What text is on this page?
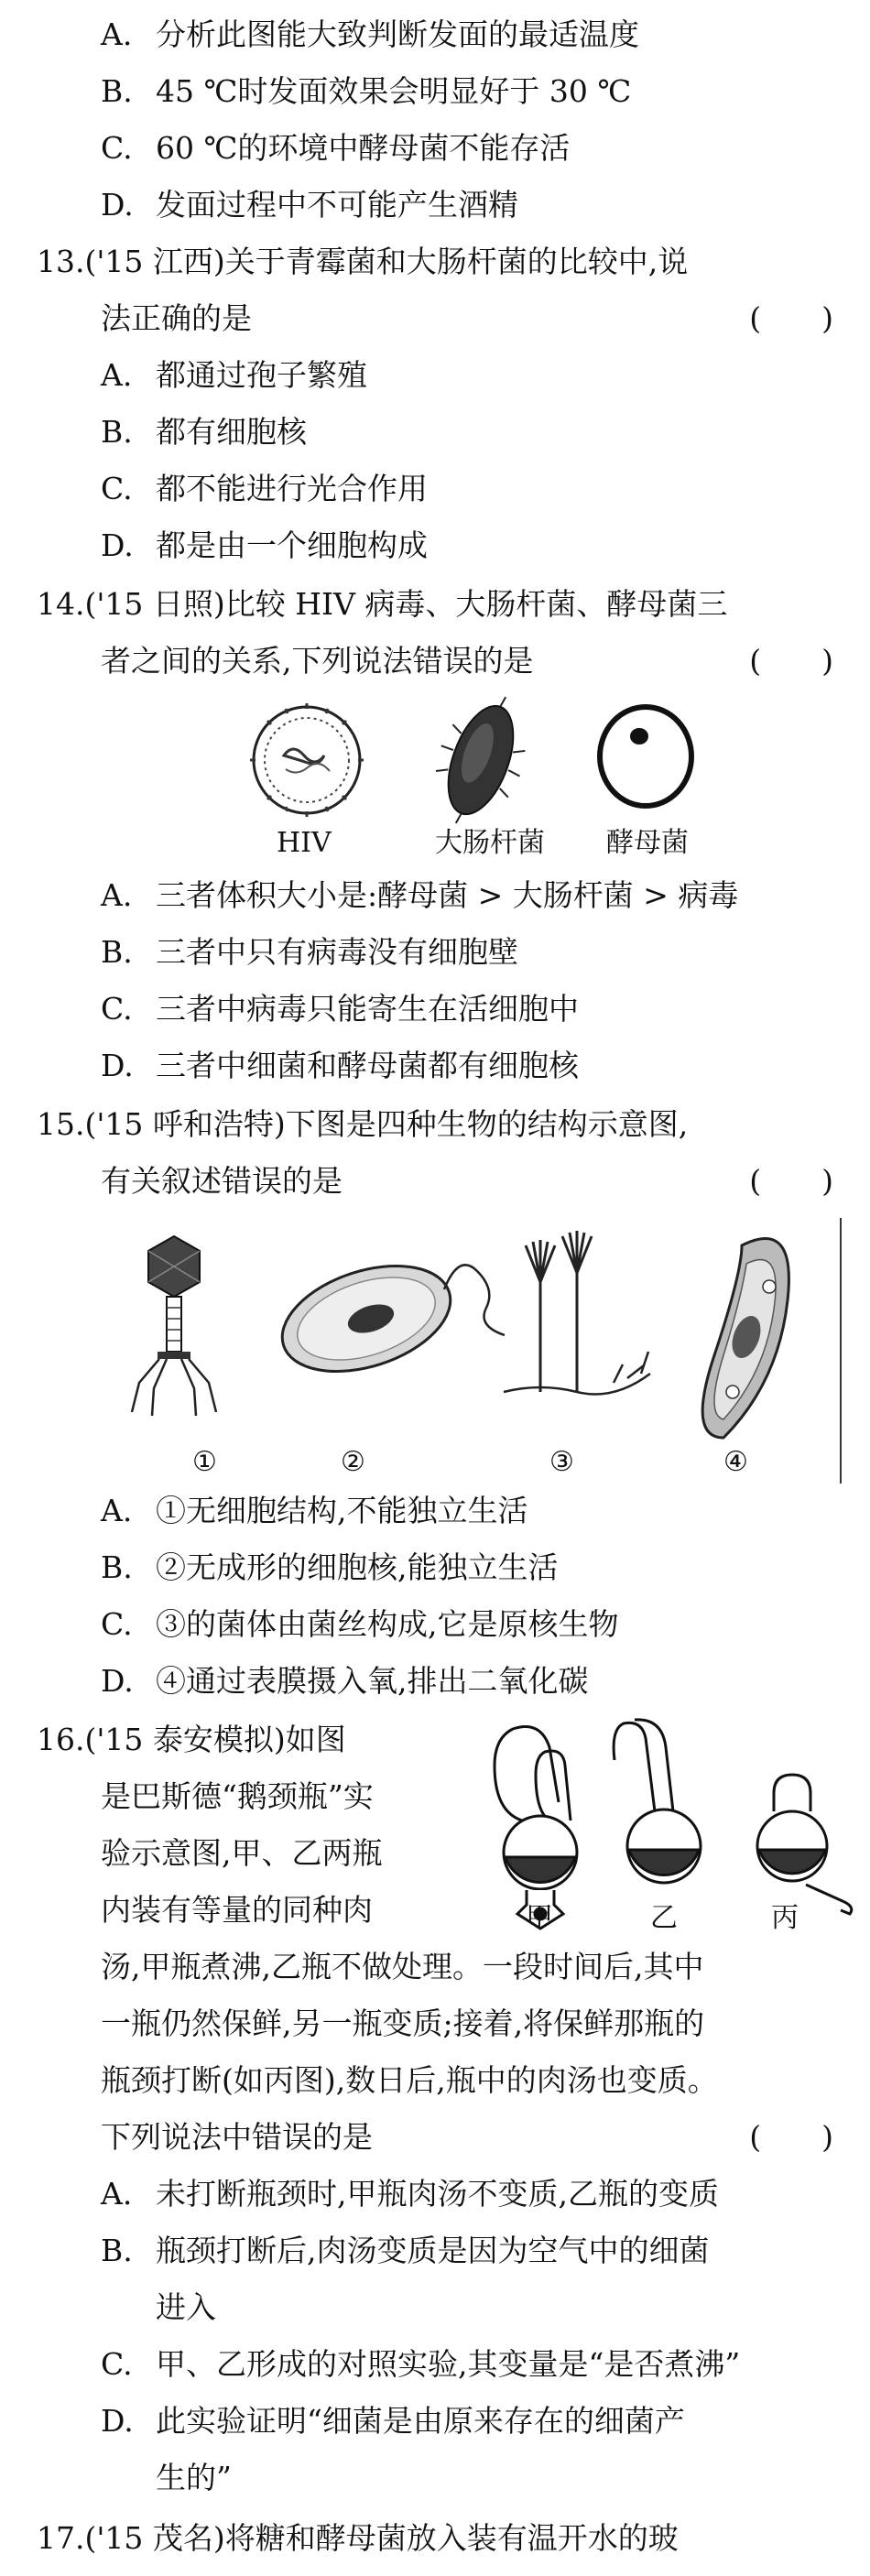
A. 分析此图能大致判断发面的最适温度
B. 45 ℃时发面效果会明显好于 30 ℃
C. 60 ℃的环境中酵母菌不能存活
D. 发面过程中不可能产生酒精
13.('15 江西)关于青霉菌和大肠杆菌的比较中,说
法正确的是	(　　)
A. 都通过孢子繁殖
B. 都有细胞核
C. 都不能进行光合作用
D. 都是由一个细胞构成
14.('15 日照)比较 HIV 病毒、大肠杆菌、酵母菌三
者之间的关系,下列说法错误的是	(　　)
HIV	大肠杆菌 酵母菌
A. 三者体积大小是:酵母菌 > 大肠杆菌 > 病毒
B. 三者中只有病毒没有细胞壁
C. 三者中病毒只能寄生在活细胞中
D. 三者中细菌和酵母菌都有细胞核
15.('15 呼和浩特)下图是四种生物的结构示意图,
有关叙述错误的是	(　　)
①	②	③	④
A. ①无细胞结构,不能独立生活
B. ②无成形的细胞核,能独立生活
C. ③的菌体由菌丝构成,它是原核生物
D. ④通过表膜摄入氧,排出二氧化碳
16.('15 泰安模拟)如图
是巴斯德“鹅颈瓶”实
验示意图,甲、乙两瓶
内装有等量的同种肉	甲	乙	丙
汤,甲瓶煮沸,乙瓶不做处理。一段时间后,其中
一瓶仍然保鲜,另一瓶变质;接着,将保鲜那瓶的
瓶颈打断(如丙图),数日后,瓶中的肉汤也变质。
下列说法中错误的是	(　　)
A. 未打断瓶颈时,甲瓶肉汤不变质,乙瓶的变质
B. 瓶颈打断后,肉汤变质是因为空气中的细菌
进入
C. 甲、乙形成的对照实验,其变量是“是否煮沸”
D. 此实验证明“细菌是由原来存在的细菌产
生的”
17.('15 茂名)将糖和酵母菌放入装有温开水的玻
